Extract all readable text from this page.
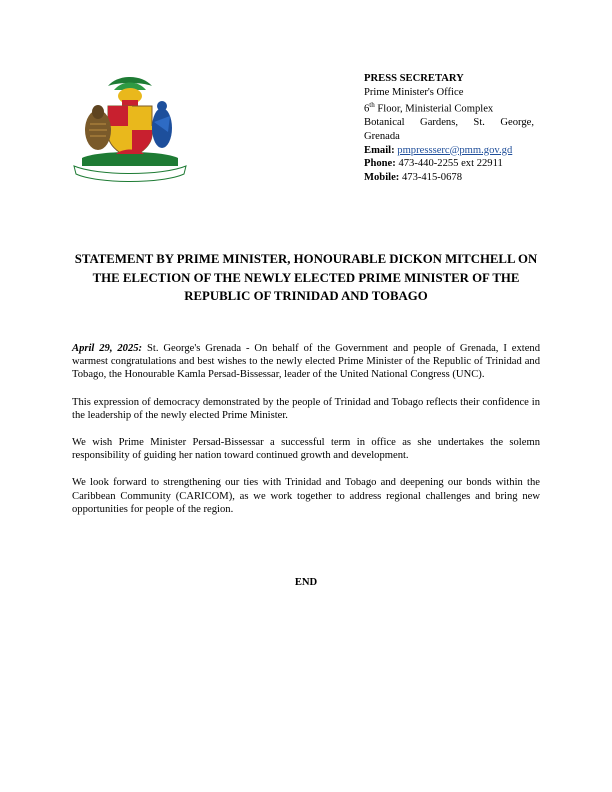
PRESS SECRETARY
Prime Minister's Office
6th Floor, Ministerial Complex
Botanical Gardens, St. George,
Grenada
Email: pmpressserc@pmm.gov.gd
Phone: 473-440-2255 ext 22911
Mobile: 473-415-0678
STATEMENT BY PRIME MINISTER, HONOURABLE DICKON MITCHELL ON THE ELECTION OF THE NEWLY ELECTED PRIME MINISTER OF THE REPUBLIC OF TRINIDAD AND TOBAGO

April 29, 2025: St. George's Grenada - On behalf of the Government and people of Grenada, I extend warmest congratulations and best wishes to the newly elected Prime Minister of the Republic of Trinidad and Tobago, the Honourable Kamla Persad-Bissessar, leader of the United National Congress (UNC).

This expression of democracy demonstrated by the people of Trinidad and Tobago reflects their confidence in the leadership of the newly elected Prime Minister.

We wish Prime Minister Persad-Bissessar a successful term in office as she undertakes the solemn responsibility of guiding her nation toward continued growth and development.

We look forward to strengthening our ties with Trinidad and Tobago and deepening our bonds within the Caribbean Community (CARICOM), as we work together to address regional challenges and bring new opportunities for people of the region.

END
